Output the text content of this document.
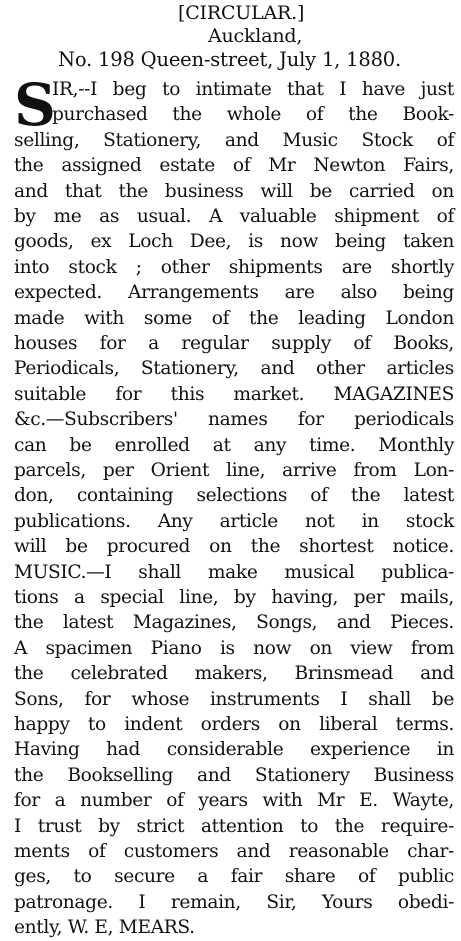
[CIRCULAR.]
Auckland,
No. 198 Queen-street, July 1, 1880.
S
IR,--I beg to intimate that I have just
purchased the whole of the Book-
selling, Stationery, and Music Stock of
the assigned estate of Mr Newton Fairs,
and that the business will be carried on
by me as usual. A valuable shipment of
goods, ex Loch Dee, is now being taken
into stock ; other shipments are shortly
expected. Arrangements are also being
made with some of the leading London
houses for a regular supply of Books,
Periodicals, Stationery, and other articles
suitable for this market. MAGAZINES
&c.—Subscribers' names for periodicals
can be enrolled at any time. Monthly
parcels, per Orient line, arrive from Lon-
don, containing selections of the latest
publications. Any article not in stock
will be procured on the shortest notice.
MUSIC.—I shall make musical publica-
tions a special line, by having, per mails,
the latest Magazines, Songs, and Pieces.
A spacimen Piano is now on view from
the celebrated makers, Brinsmead and
Sons, for whose instruments I shall be
happy to indent orders on liberal terms.
Having had considerable experience in
the Bookselling and Stationery Business
for a number of years with Mr E. Wayte,
I trust by strict attention to the require-
ments of customers and reasonable char-
ges, to secure a fair share of public
patronage. I remain, Sir, Yours obedi-
ently, W. E, MEARS.
